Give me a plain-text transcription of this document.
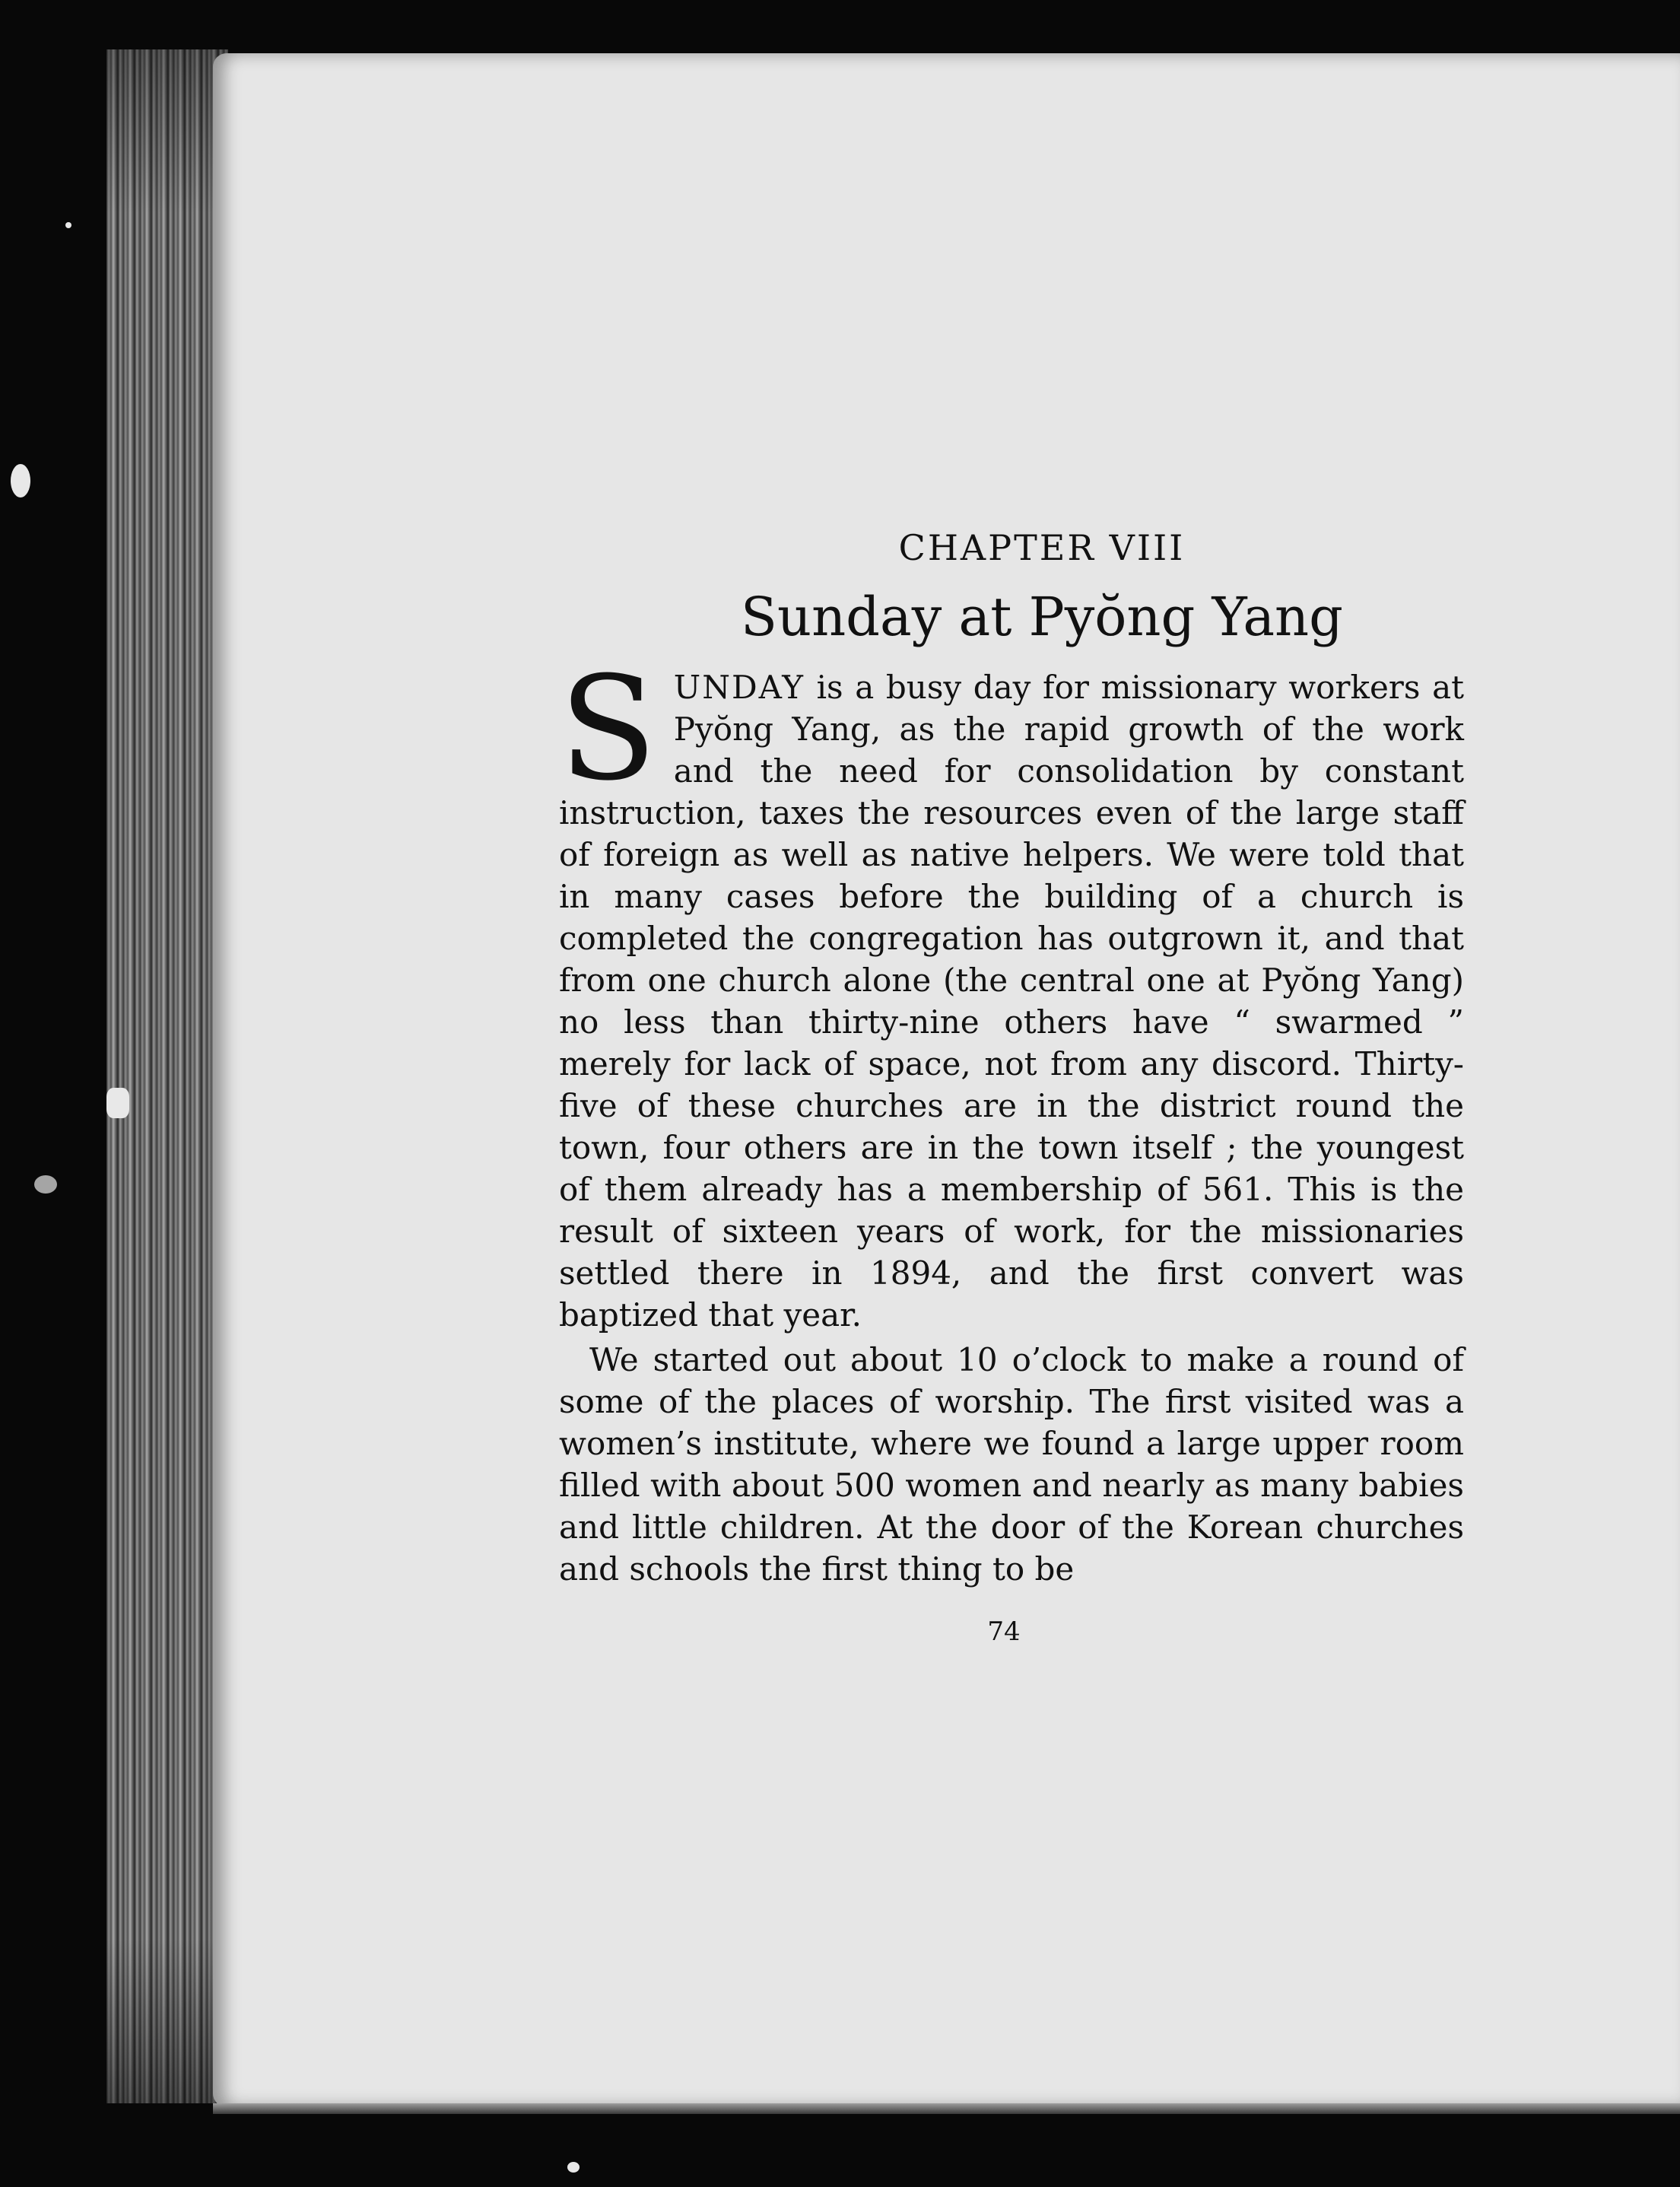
CHAPTER VIII
Sunday at Pyŏng Yang

SUNDAY is a busy day for missionary workers at Pyŏng Yang, as the rapid growth of the work and the need for consolidation by constant instruction, taxes the resources even of the large staff of foreign as well as native helpers. We were told that in many cases before the building of a church is completed the congregation has outgrown it, and that from one church alone (the central one at Pyŏng Yang) no less than thirty-nine others have “ swarmed ” merely for lack of space, not from any discord. Thirty-five of these churches are in the district round the town, four others are in the town itself ; the youngest of them already has a membership of 561. This is the result of sixteen years of work, for the missionaries settled there in 1894, and the first convert was baptized that year.

We started out about 10 o’clock to make a round of some of the places of worship. The first visited was a women’s institute, where we found a large upper room filled with about 500 women and nearly as many babies and little children. At the door of the Korean churches and schools the first thing to be

74
